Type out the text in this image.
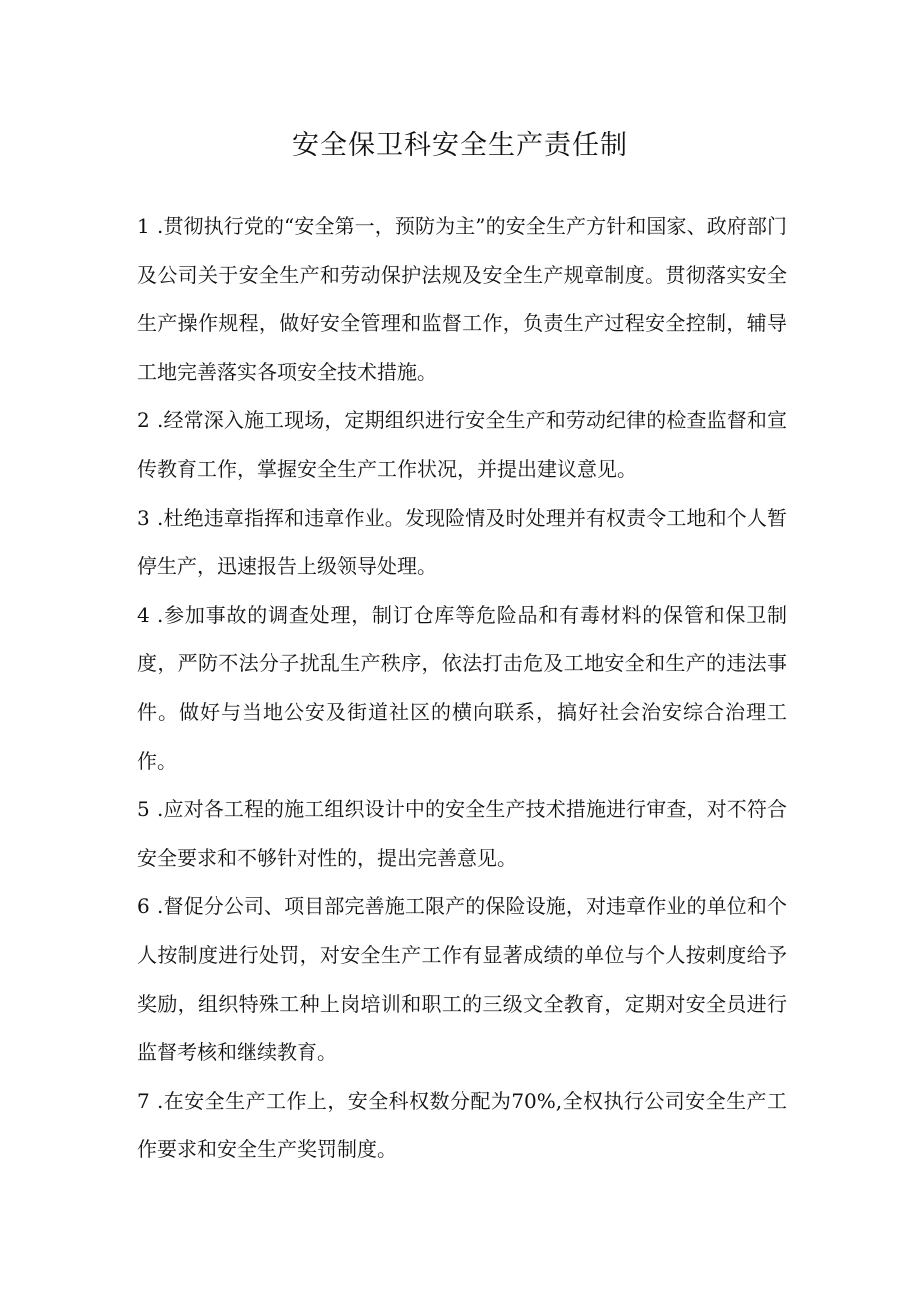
安全保卫科安全生产责任制

1 .贯彻执行党的“安全第一，预防为主”的安全生产方针和国家、政府部门及公司关于安全生产和劳动保护法规及安全生产规章制度。贯彻落实安全生产操作规程，做好安全管理和监督工作，负责生产过程安全控制，辅导工地完善落实各项安全技术措施。

2 .经常深入施工现场，定期组织进行安全生产和劳动纪律的检查监督和宣传教育工作，掌握安全生产工作状况，并提出建议意见。

3 .杜绝违章指挥和违章作业。发现险情及时处理并有权责令工地和个人暂停生产，迅速报告上级领导处理。

4 .参加事故的调查处理，制订仓库等危险品和有毒材料的保管和保卫制度，严防不法分子扰乱生产秩序，依法打击危及工地安全和生产的违法事件。做好与当地公安及街道社区的横向联系，搞好社会治安综合治理工作。

5 .应对各工程的施工组织设计中的安全生产技术措施进行审查，对不符合安全要求和不够针对性的，提出完善意见。

6 .督促分公司、项目部完善施工限产的保险设施，对违章作业的单位和个人按制度进行处罚，对安全生产工作有显著成绩的单位与个人按刺度给予奖励，组织特殊工种上岗培训和职工的三级文全教育，定期对安全员进行监督考核和继续教育。

7 .在安全生产工作上，安全科权数分配为70%,全权执行公司安全生产工作要求和安全生产奖罚制度。
